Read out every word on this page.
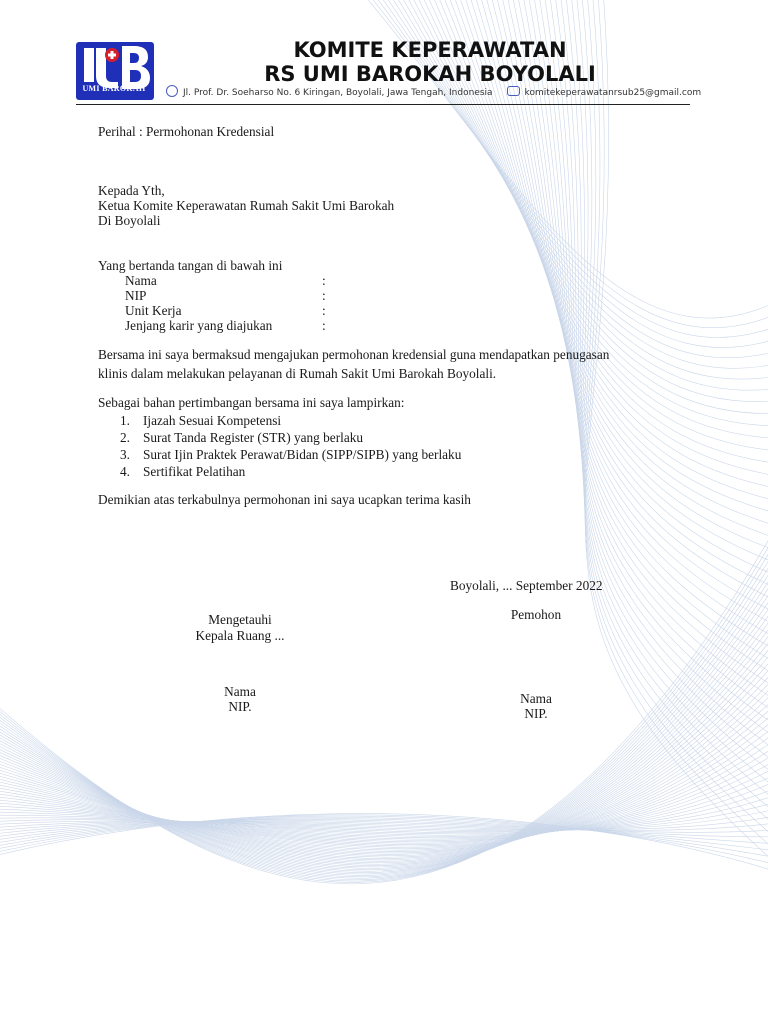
UMI BAROKAH
KOMITE KEPERAWATAN
RS UMI BAROKAH BOYOLALI
Jl. Prof. Dr. Soeharso No. 6 Kiringan, Boyolali, Jawa Tengah, Indonesia	komitekeperawatanrsub25@gmail.com
Perihal : Permohonan Kredensial
Kepada Yth,
Ketua Komite Keperawatan Rumah Sakit Umi Barokah
Di Boyolali
Yang bertanda tangan di bawah ini
Nama	:
NIP	:
Unit Kerja	:
Jenjang karir yang diajukan	:
Bersama ini saya bermaksud mengajukan permohonan kredensial guna mendapatkan penugasan
klinis dalam melakukan pelayanan di Rumah Sakit Umi Barokah Boyolali.
Sebagai bahan pertimbangan bersama ini saya lampirkan:
1. Ijazah Sesuai Kompetensi
2. Surat Tanda Register (STR) yang berlaku
3. Surat Ijin Praktek Perawat/Bidan (SIPP/SIPB) yang berlaku
4. Sertifikat Pelatihan
Demikian atas terkabulnya permohonan ini saya ucapkan terima kasih
Boyolali, ... September 2022
Mengetauhi
Kepala Ruang ...
Nama
NIP.
Pemohon
Nama
NIP.
